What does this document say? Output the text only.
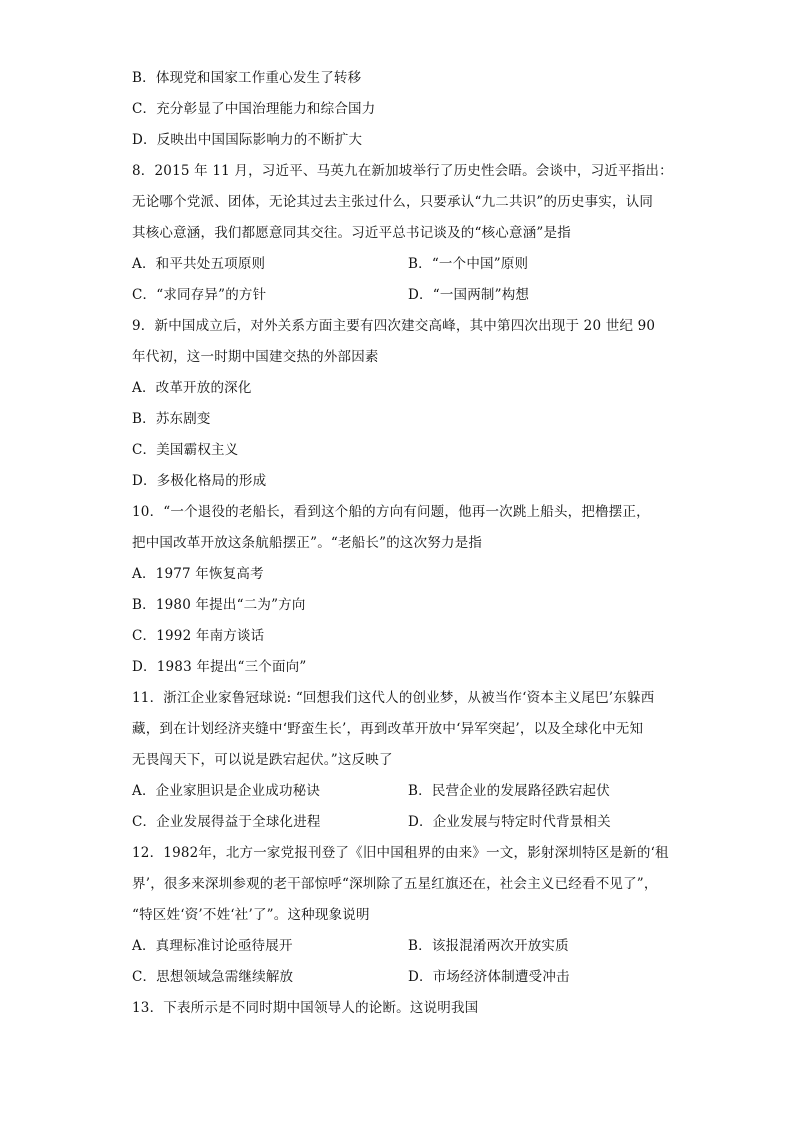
B．体现党和国家工作重心发生了转移
C．充分彰显了中国治理能力和综合国力
D．反映出中国国际影响力的不断扩大
8．2015 年 11 月，习近平、马英九在新加坡举行了历史性会晤。会谈中，习近平指出：
无论哪个党派、团体，无论其过去主张过什么，只要承认“九二共识”的历史事实，认同
其核心意涵，我们都愿意同其交往。习近平总书记谈及的“核心意涵”是指
A．和平共处五项原则	B．“一个中国”原则
C．“求同存异”的方针	D．“一国两制”构想
9．新中国成立后，对外关系方面主要有四次建交高峰，其中第四次出现于 20 世纪 90
年代初，这一时期中国建交热的外部因素
A．改革开放的深化
B．苏东剧变
C．美国霸权主义
D．多极化格局的形成
10．“一个退役的老船长，看到这个船的方向有问题，他再一次跳上船头，把橹摆正，
把中国改革开放这条航船摆正”。“老船长”的这次努力是指
A．1977 年恢复高考
B．1980 年提出“二为”方向
C．1992 年南方谈话
D．1983 年提出“三个面向”
11．浙江企业家鲁冠球说: “回想我们这代人的创业梦，从被当作‘资本主义尾巴’东躲西
藏，到在计划经济夹缝中‘野蛮生长’，再到改革开放中‘异军突起’，以及全球化中无知
无畏闯天下，可以说是跌宕起伏。”这反映了
A．企业家胆识是企业成功秘诀	B．民营企业的发展路径跌宕起伏
C．企业发展得益于全球化进程	D．企业发展与特定时代背景相关
12．1982年，北方一家党报刊登了《旧中国租界的由来》一文，影射深圳特区是新的‘租
界’，很多来深圳参观的老干部惊呼“深圳除了五星红旗还在，社会主义已经看不见了”，
“特区姓‘资’不姓‘社’了”。这种现象说明
A．真理标准讨论亟待展开	B．该报混淆两次开放实质
C．思想领域急需继续解放	D．市场经济体制遭受冲击
13．下表所示是不同时期中国领导人的论断。这说明我国
